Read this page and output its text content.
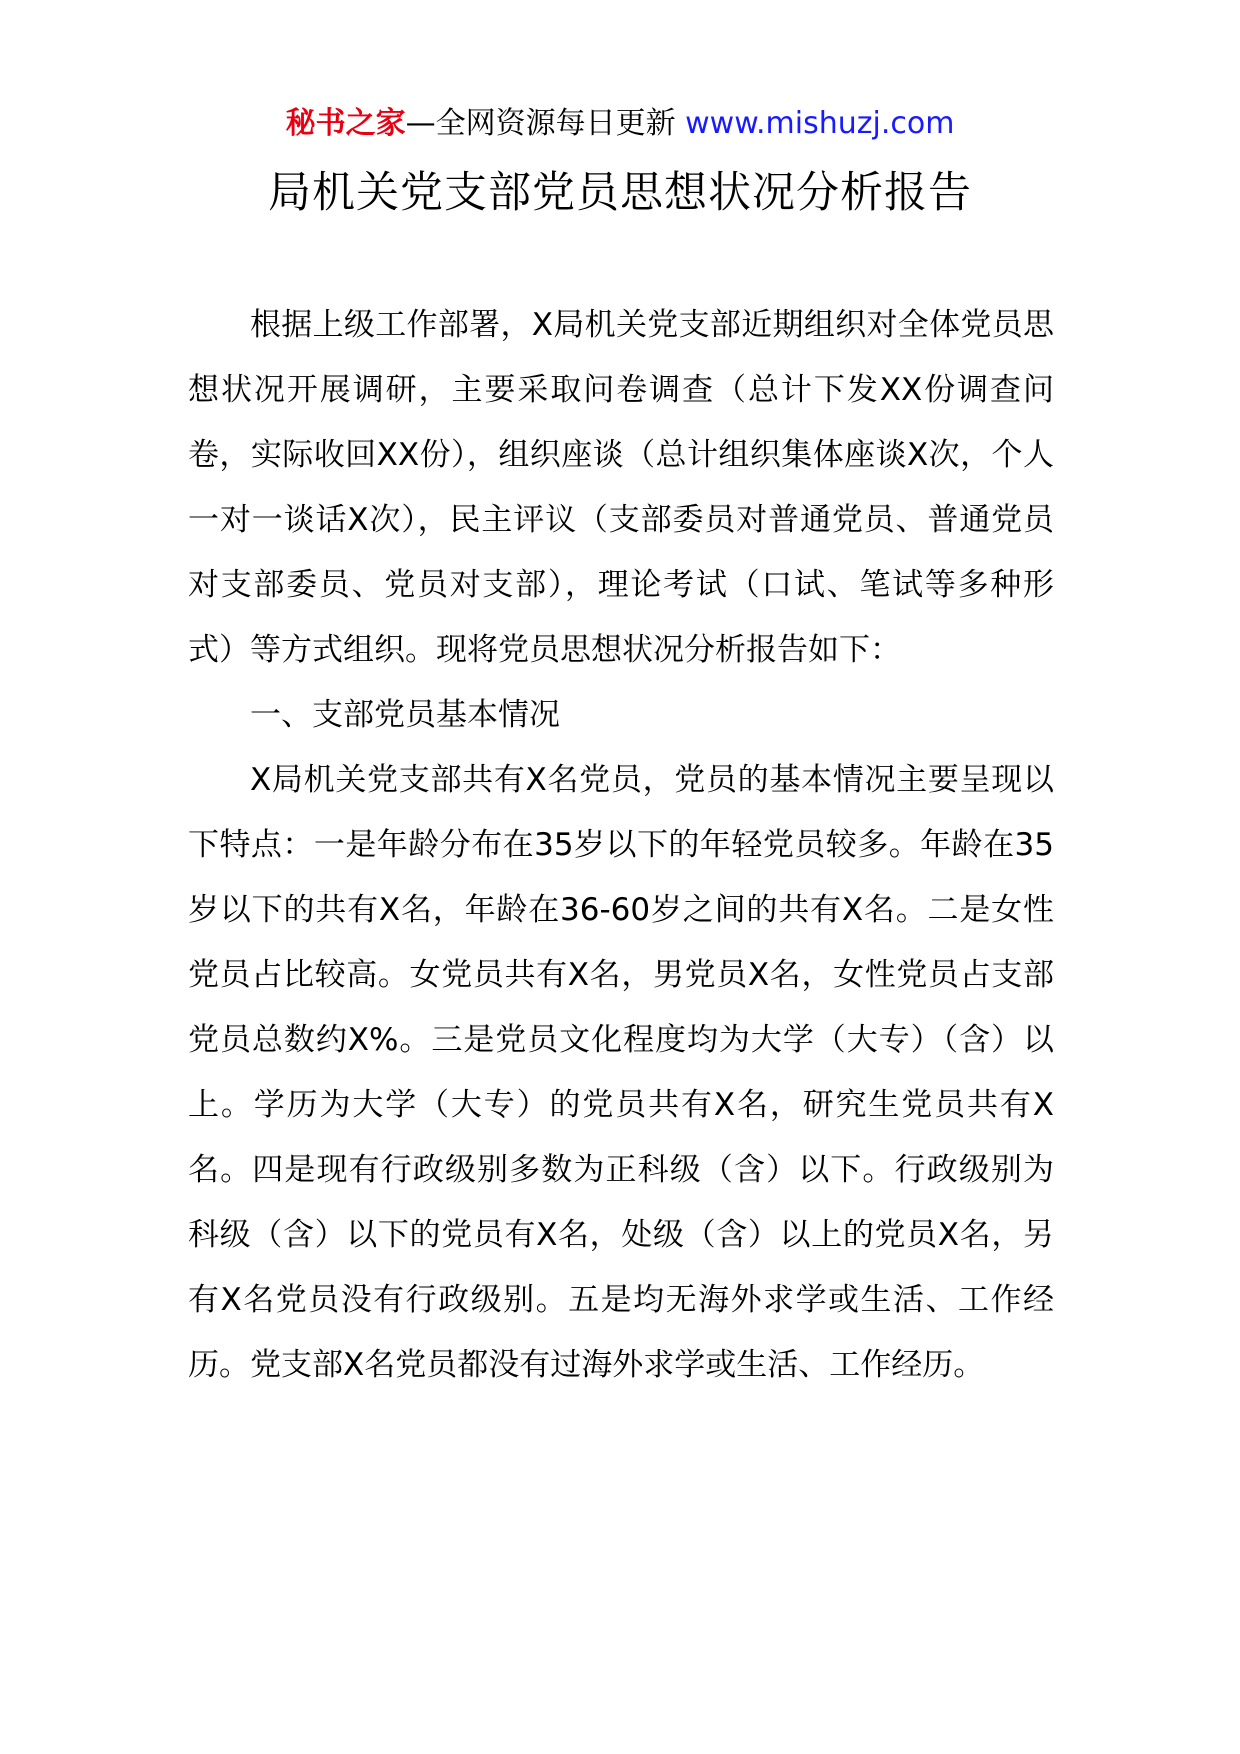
秘书之家—全网资源每日更新 www.mishuzj.com
局机关党支部党员思想状况分析报告

根据上级工作部署，X局机关党支部近期组织对全体党员思想状况开展调研，主要采取问卷调查（总计下发XX份调查问卷，实际收回XX份），组织座谈（总计组织集体座谈X次，个人一对一谈话X次），民主评议（支部委员对普通党员、普通党员对支部委员、党员对支部），理论考试（口试、笔试等多种形式）等方式组织。现将党员思想状况分析报告如下：

一、支部党员基本情况

X局机关党支部共有X名党员，党员的基本情况主要呈现以下特点：一是年龄分布在35岁以下的年轻党员较多。年龄在35岁以下的共有X名，年龄在36-60岁之间的共有X名。二是女性党员占比较高。女党员共有X名，男党员X名，女性党员占支部党员总数约X%。三是党员文化程度均为大学（大专）（含）以上。学历为大学（大专）的党员共有X名，研究生党员共有X名。四是现有行政级别多数为正科级（含）以下。行政级别为科级（含）以下的党员有X名，处级（含）以上的党员X名，另有X名党员没有行政级别。五是均无海外求学或生活、工作经历。党支部X名党员都没有过海外求学或生活、工作经历。
